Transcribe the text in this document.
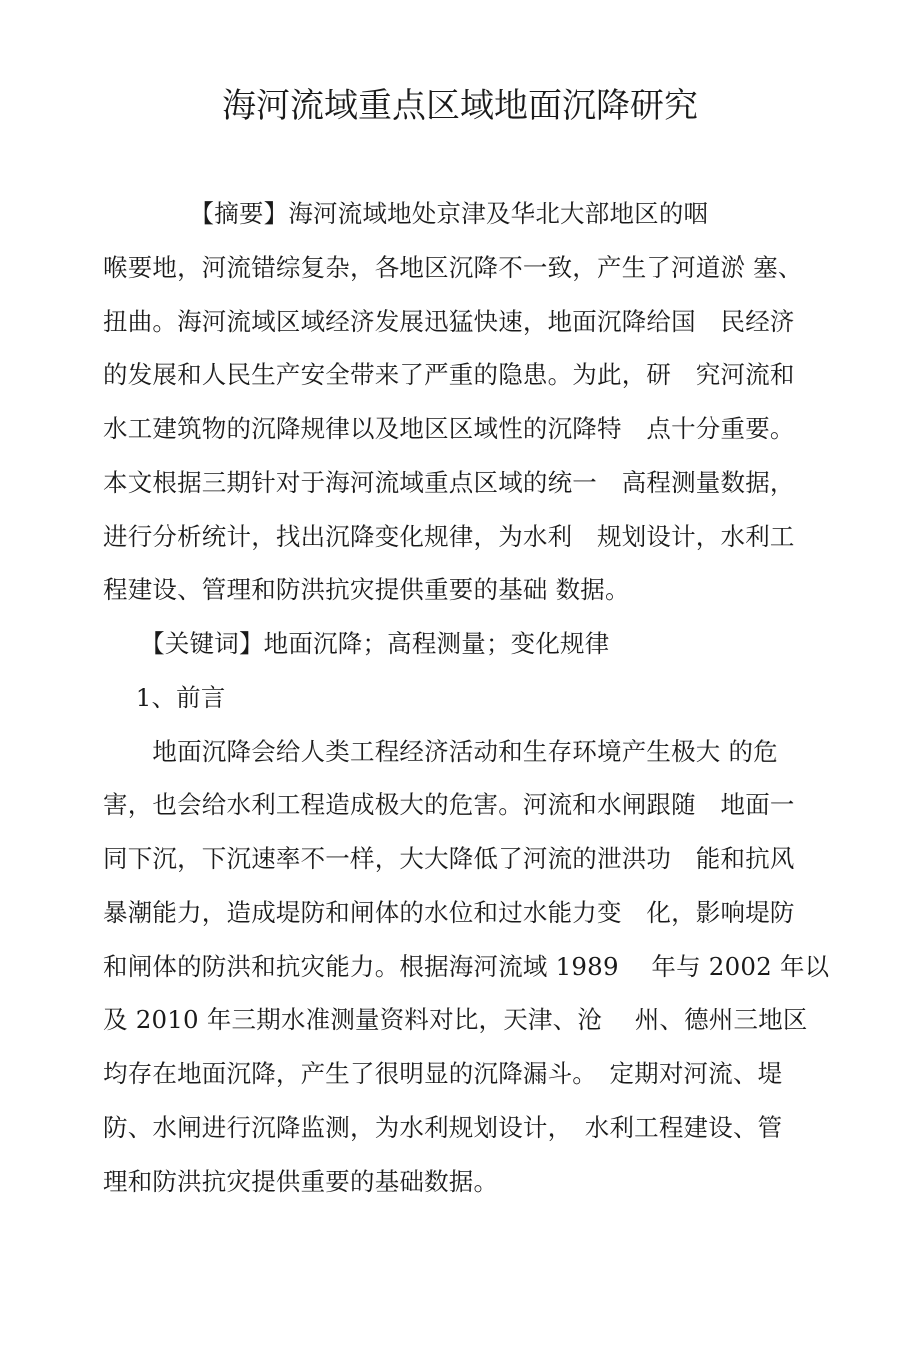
海河流域重点区域地面沉降研究
　　　　【摘要】海河流域地处京津及华北大部地区的咽
喉要地，河流错综复杂，各地区沉降不一致，产生了河道淤 塞、
扭曲。海河流域区域经济发展迅猛快速，地面沉降给国　民经济
的发展和人民生产安全带来了严重的隐患。为此，研　究河流和
水工建筑物的沉降规律以及地区区域性的沉降特　点十分重要。
本文根据三期针对于海河流域重点区域的统一　高程测量数据，
进行分析统计，找出沉降变化规律，为水利　规划设计，水利工
程建设、管理和防洪抗灾提供重要的基础 数据。
　　【关键词】地面沉降；高程测量；变化规律
　 1、前言
　　地面沉降会给人类工程经济活动和生存环境产生极大 的危
害，也会给水利工程造成极大的危害。河流和水闸跟随　地面一
同下沉，下沉速率不一样，大大降低了河流的泄洪功　能和抗风
暴潮能力，造成堤防和闸体的水位和过水能力变　化，影响堤防
和闸体的防洪和抗灾能力。根据海河流域 1989　 年与 2002 年以
及 2010 年三期水准测量资料对比，天津、沧　 州、德州三地区
均存在地面沉降，产生了很明显的沉降漏斗。　定期对河流、堤
防、水闸进行沉降监测，为水利规划设计，　水利工程建设、管
理和防洪抗灾提供重要的基础数据。
